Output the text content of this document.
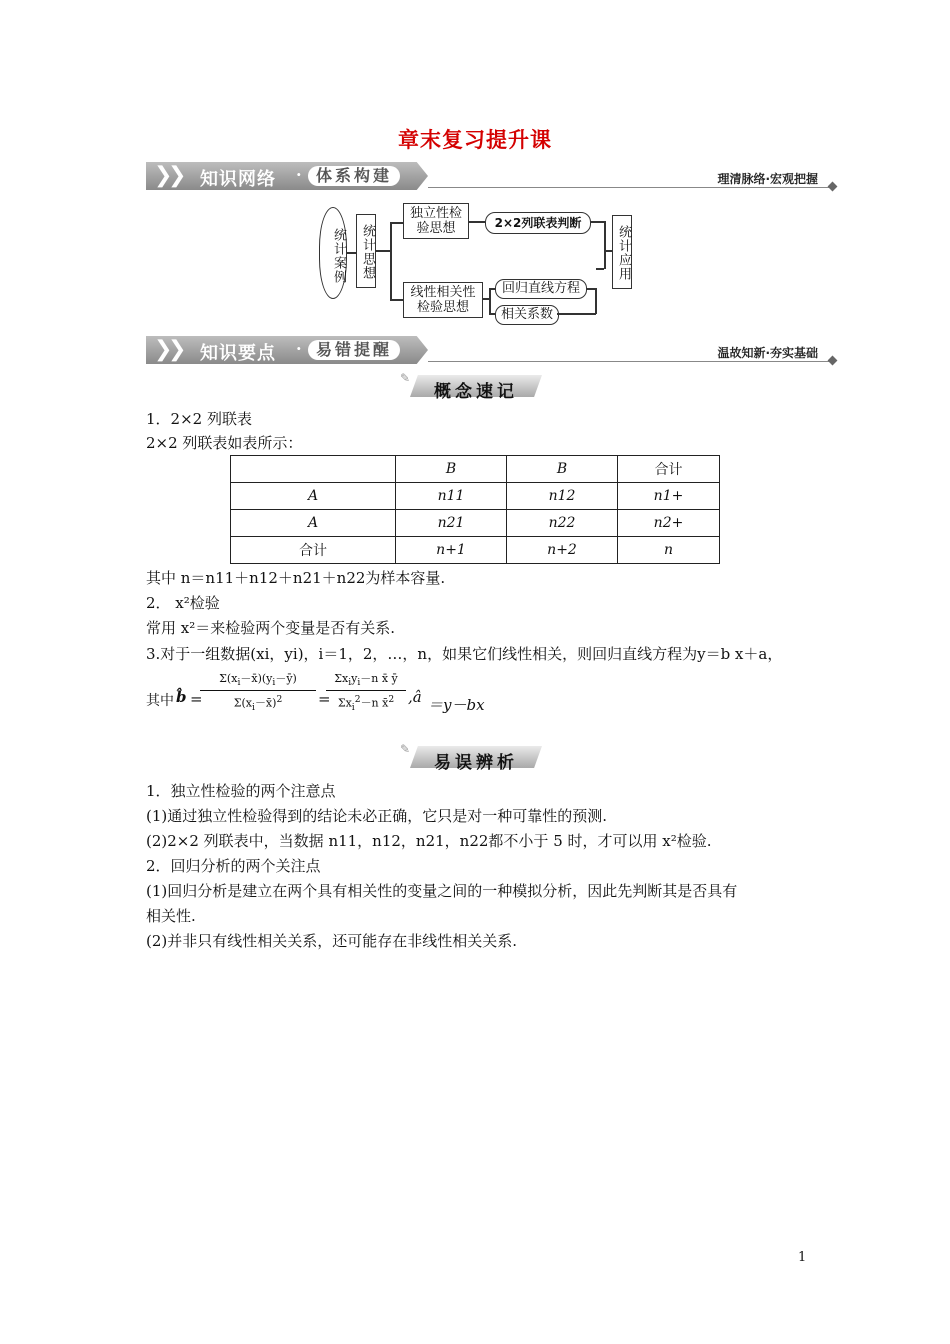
章末复习提升课
❯
❯ 知识网络 · 体系构建	理清脉络·宏观把握
统计案例	统计思想
独立性检验思想	2×2列联表判断
线性相关性检验思想
回归直线方程
相关系数
统计应用
❯
❯ 知识要点 · 易错提醒	温故知新·夯实基础
✎
概念速记
1．2×2 列联表
2×2 列联表如表所示：
	B	B	合计
A	n11	n12	n1+
A	n21	n22	n2+
合计	n+1	n+2	n
其中 n＝n11＋n12＋n21＋n22为样本容量.
2． x²检验
常用 x²＝来检验两个变量是否有关系.
3.对于一组数据(xi，yi)，i＝1，2，…，n，如果它们线性相关，则回归直线方程为y＝b x＋a，
其中 b̂ =
$\frac{\Sigma(x_i-x̄)(y_i-ȳ)}{\Sigma(x_i-x̄)^2}$ =
$\Sigma x_iy_i-n$ x̄ ȳ
$\Sigma x_i^2-n$ x̄$^2$ ,â ＝y－bx
✎
易误辨析
1．独立性检验的两个注意点
(1)通过独立性检验得到的结论未必正确，它只是对一种可靠性的预测.
(2)2×2 列联表中，当数据 n11，n12，n21，n22都不小于 5 时，才可以用 x²检验.
2．回归分析的两个关注点
(1)回归分析是建立在两个具有相关性的变量之间的一种模拟分析，因此先判断其是否具有
相关性.
(2)并非只有线性相关关系，还可能存在非线性相关关系.
1
